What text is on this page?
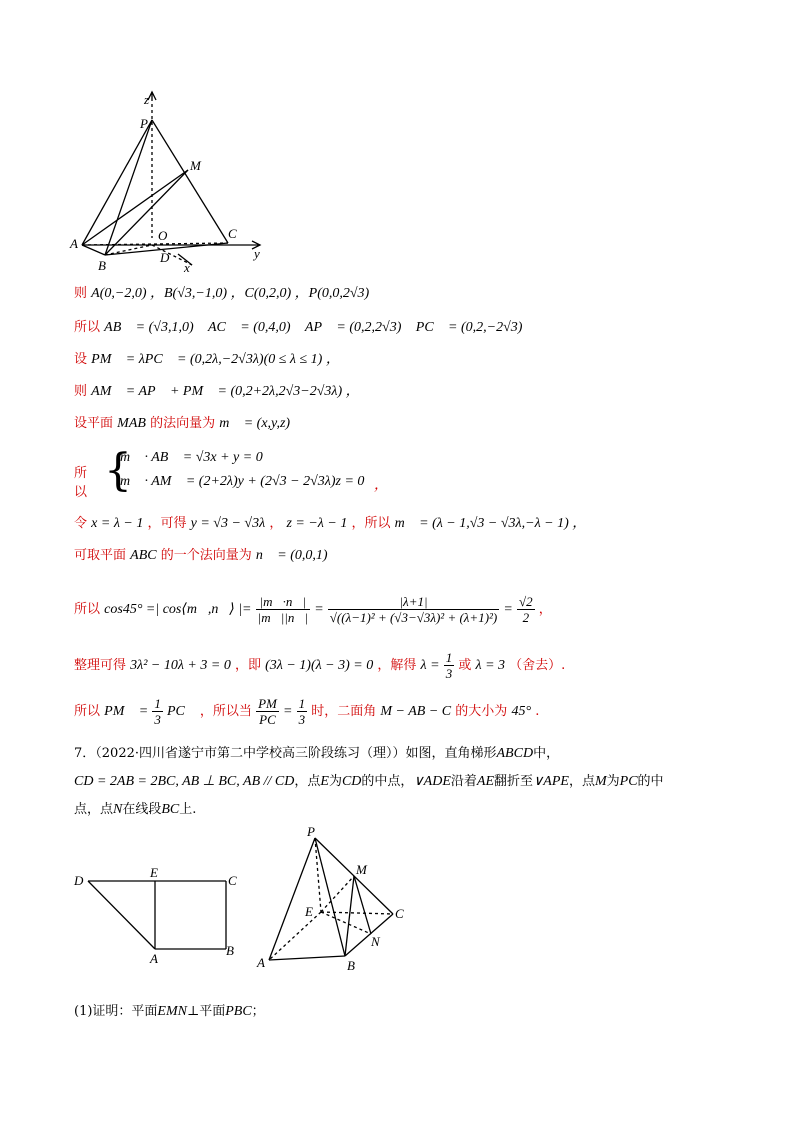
z
P
M
A
O	C
y
B
D
x
则 A(0,−2,0) ，B(√3,−1,0) ，C(0,2,0) ，P(0,0,2√3)
所以 AB⃗ = (√3,1,0) ，AC⃗ = (0,4,0) ，AP⃗ = (0,2,2√3) ，PC⃗ = (0,2,−2√3) ，
设 PM⃗ = λPC⃗ = (0,2λ,−2√3λ)(0 ≤ λ ≤ 1) ，
则 AM⃗ = AP⃗ + PM⃗ = (0,2+2λ,2√3−2√3λ) ，
设平面 MAB 的法向量为 m⃗ = (x,y,z) ，
所以 {
m⃗ · AB⃗ = √3x + y = 0
m⃗ · AM⃗ = (2+2λ)y + (2√3 − 2√3λ)z = 0 ，
令 x = λ − 1 ，可得 y = √3 − √3λ ， z = −λ − 1 ，所以 m⃗ = (λ − 1,√3 − √3λ,−λ − 1) ，
可取平面 ABC 的一个法向量为 n⃗ = (0,0,1) ，
所以 cos45° =| cos⟨m⃗,n⃗⟩ |= $\frac{|m⃗\cdot n⃗|}{|m⃗||n⃗|} = \frac{|\lambda+1|}{\text{√((λ−1)² + (√3−√3λ)² + (λ+1)²)}} = \frac{√2}{2}$ ，
整理可得 3λ² − 10λ + 3 = 0 ，即 (3λ − 1)(λ − 3) = 0 ，解得 $\lambda = \frac{1}{3}$ 或 λ = 3 （舍去）.
所以 PM⃗ = $\frac{1}{3}$ PC⃗ ，所以当 $\frac{PM}{PC} = \frac{1}{3}$ 时，二面角 M − AB − C 的大小为 45° .
7．（2022·四川省遂宁市第二中学校高三阶段练习（理））如图，直角梯形ABCD中，
CD = 2AB = 2BC, AB ⊥ BC, AB // CD，点E为CD的中点，∨ADE沿着AE翻折至∨APE，点M为PC的中
点，点N在线段BC上.
D
E
C
A
B
P
M
E	C
N
A	B
(1)证明：平面EMN⊥平面PBC；
